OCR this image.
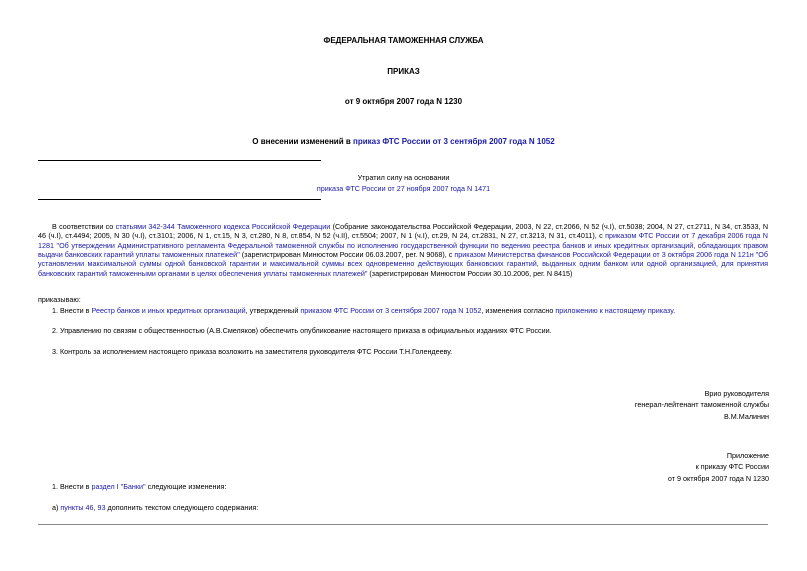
ФЕДЕРАЛЬНАЯ ТАМОЖЕННАЯ СЛУЖБА
ПРИКАЗ
от 9 октября 2007 года N 1230
О внесении изменений в приказ ФТС России от 3 сентября 2007 года N 1052
Утратил силу на основании
приказа ФТС России от 27 ноября 2007 года N 1471
В соответствии со статьями 342-344 Таможенного кодекса Российской Федерации (Собрание законодательства Российской Федерации, 2003, N 22, ст.2066, N 52 (ч.I), ст.5038; 2004, N 27, ст.2711, N 34, ст.3533, N 46 (ч.I), ст.4494; 2005, N 30 (ч.I), ст.3101; 2006, N 1, ст.15, N 3, ст.280, N 8, ст.854, N 52 (ч.II), ст.5504; 2007, N 1 (ч.I), ст.29, N 24, ст.2831, N 27, ст.3213, N 31, ст.4011), с приказом ФТС России от 7 декабря 2006 года N 1281 "Об утверждении Административного регламента Федеральной таможенной службы по исполнению государственной функции по ведению реестра банков и иных кредитных организаций, обладающих правом выдачи банковских гарантий уплаты таможенных платежей" (зарегистрирован Минюстом России 06.03.2007, рег. N 9068), с приказом Министерства финансов Российской Федерации от 3 октября 2006 года N 121н "Об установлении максимальной суммы одной банковской гарантии и максимальной суммы всех одновременно действующих банковских гарантий, выданных одним банком или одной организацией, для принятия банковских гарантий таможенными органами в целях обеспечения уплаты таможенных платежей" (зарегистрирован Минюстом России 30.10.2006, рег. N 8415)
приказываю:
1. Внести в Реестр банков и иных кредитных организаций, утвержденный приказом ФТС России от 3 сентября 2007 года N 1052, изменения согласно приложению к настоящему приказу.
2. Управлению по связям с общественностью (А.В.Смеляков) обеспечить опубликование настоящего приказа в официальных изданиях ФТС России.
3. Контроль за исполнением настоящего приказа возложить на заместителя руководителя ФТС России Т.Н.Голендееву.
Врио руководителя
генерал-лейтенант таможенной службы
В.М.Малинин
Приложение
к приказу ФТС России
от 9 октября 2007 года N 1230
1. Внести в раздел I "Банки" следующие изменения:
а) пункты 46, 93 дополнить текстом следующего содержания:
